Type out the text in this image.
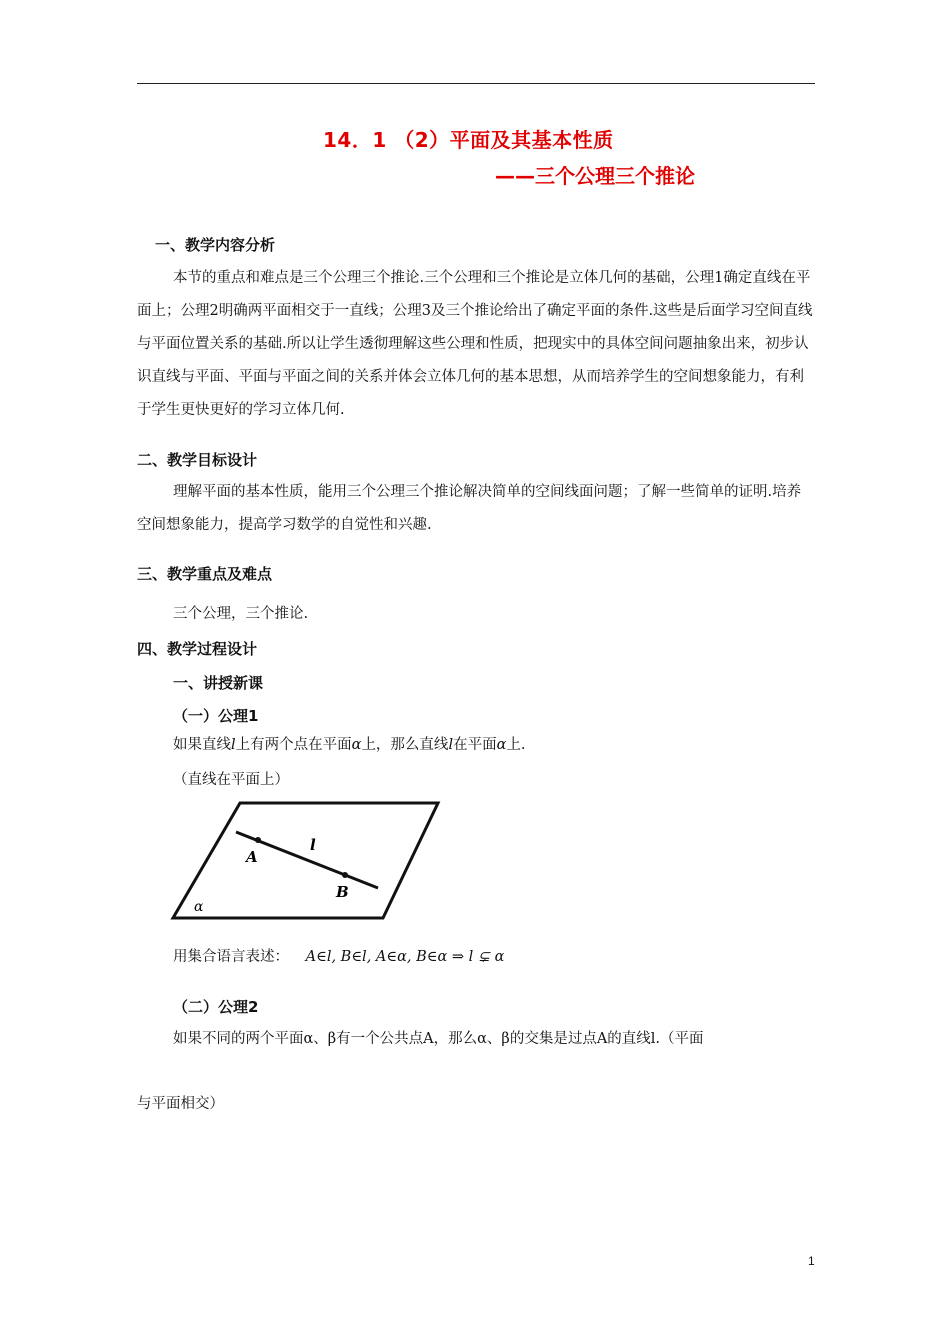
14．1 （2）平面及其基本性质
——三个公理三个推论
一、教学内容分析
本节的重点和难点是三个公理三个推论.三个公理和三个推论是立体几何的基础，公理1确定直线在平面上；公理2明确两平面相交于一直线；公理3及三个推论给出了确定平面的条件.这些是后面学习空间直线与平面位置关系的基础.所以让学生透彻理解这些公理和性质，把现实中的具体空间问题抽象出来，初步认识直线与平面、平面与平面之间的关系并体会立体几何的基本思想，从而培养学生的空间想象能力，有利于学生更快更好的学习立体几何.
二、教学目标设计
理解平面的基本性质，能用三个公理三个推论解决简单的空间线面问题；了解一些简单的证明.培养空间想象能力，提高学习数学的自觉性和兴趣.
三、教学重点及难点
三个公理，三个推论.
四、教学过程设计
一、讲授新课
（一）公理1
如果直线l上有两个点在平面α上，那么直线l在平面α上.
（直线在平面上）
A
B
l
α
用集合语言表述： A∈l, B∈l, A∈α, B∈α ⇒ l ⊊ α
（二）公理2
如果不同的两个平面α、β有一个公共点A，那么α、β的交集是过点A的直线l.（平面
与平面相交）
1
